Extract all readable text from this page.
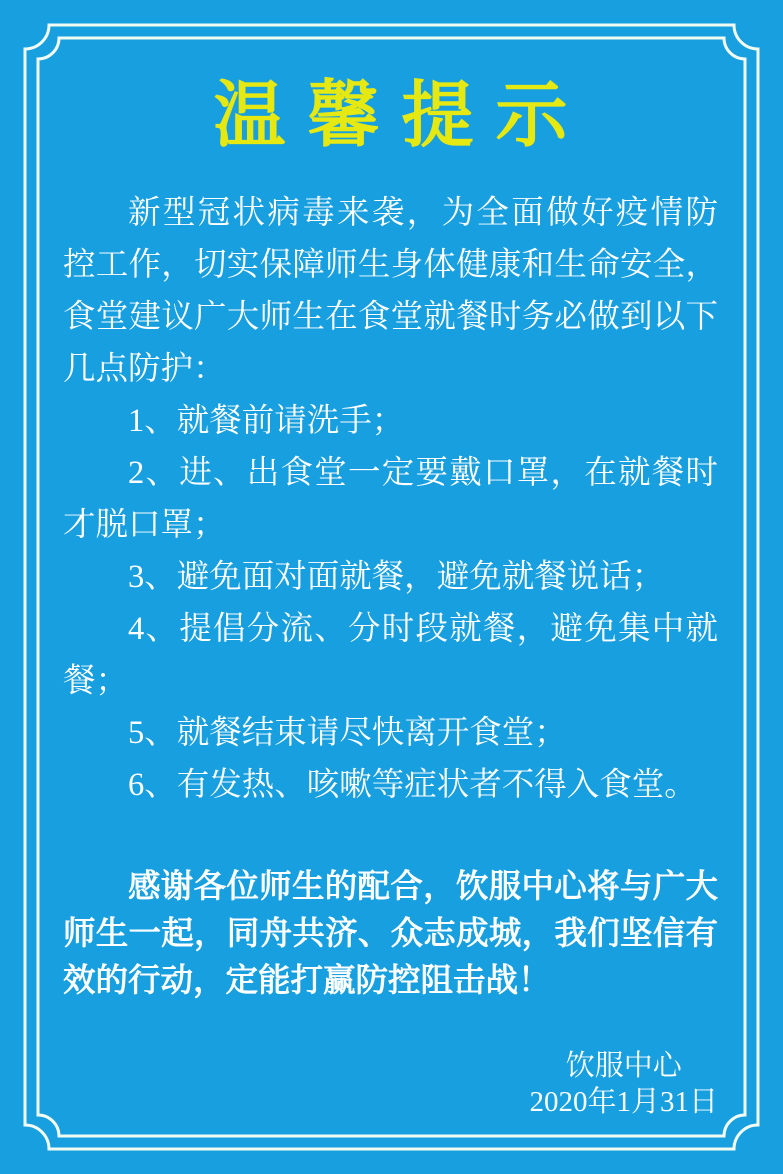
温馨提示
新型冠状病毒来袭，为全面做好疫情防
控工作，切实保障师生身体健康和生命安全，
食堂建议广大师生在食堂就餐时务必做到以下
几点防护：
1、就餐前请洗手；
2、进、出食堂一定要戴口罩，在就餐时
才脱口罩；
3、避免面对面就餐，避免就餐说话；
4、提倡分流、分时段就餐，避免集中就
餐；
5、就餐结束请尽快离开食堂；
6、有发热、咳嗽等症状者不得入食堂。
感谢各位师生的配合，饮服中心将与广大
师生一起，同舟共济、众志成城，我们坚信有
效的行动，定能打赢防控阻击战！
饮服中心
2020年1月31日
